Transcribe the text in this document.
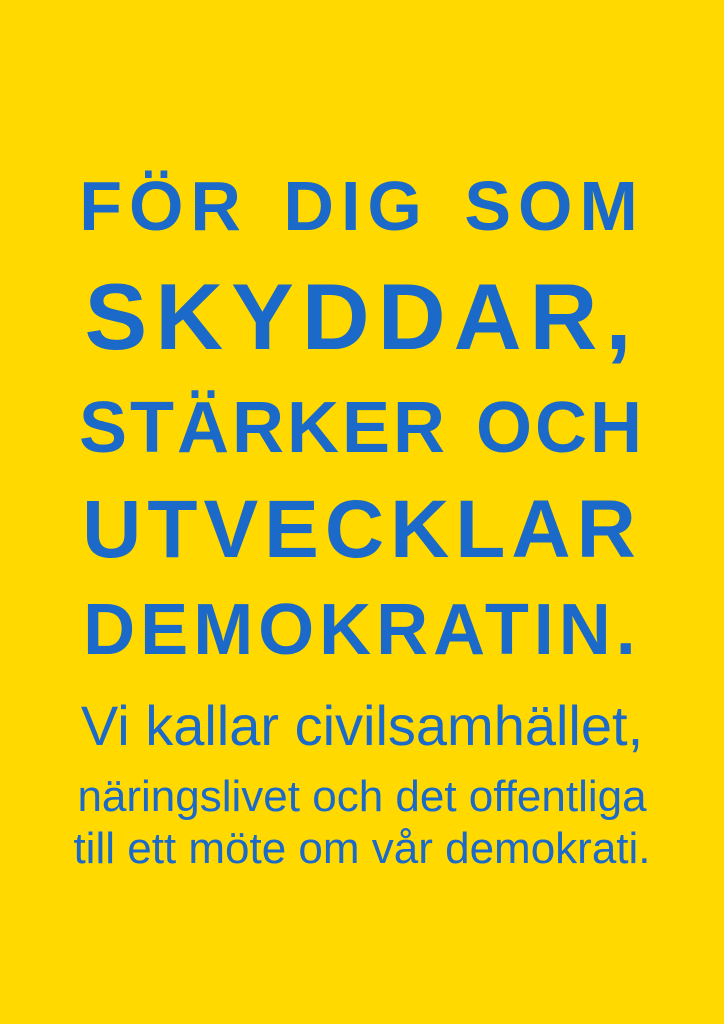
FÖR DIG SOM
SKYDDAR,
STÄRKER OCH
UTVECKLAR
DEMOKRATIN.
Vi kallar civilsamhället,
näringslivet och det offentliga
till ett möte om vår demokrati.
